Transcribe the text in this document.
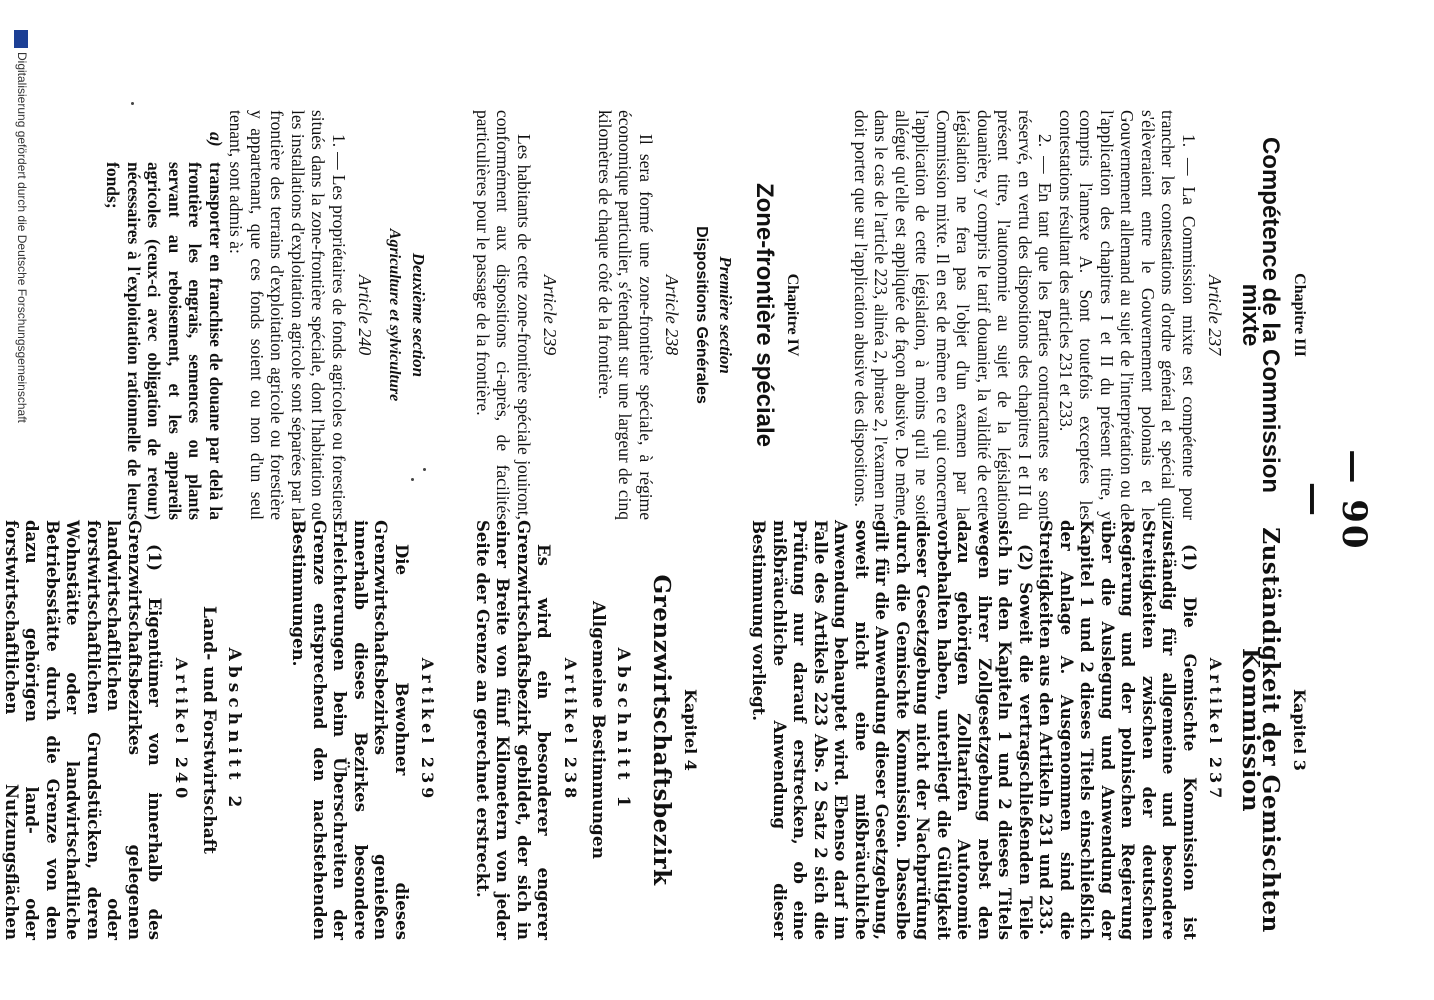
— 90 —
Chapitre III
Compétence de la Commission mixte
Article 237

1. — La Commission mixte est compétente pour trancher les contestations d'ordre général et spécial qui s'élèveraient entre le Gouvernement polonais et le Gouvernement allemand au sujet de l'interprétation ou de l'application des chapitres I et II du présent titre, y compris l'annexe A. Sont toutefois exceptées les contestations résultant des articles 231 et 233.

2. — En tant que les Parties contractantes se sont réservé, en vertu des dispositions des chapitres I et II du présent titre, l'autonomie au sujet de la législation douanière, y compris le tarif douanier, la validité de cette législation ne fera pas l'objet d'un examen par la Commission mixte. Il en est de même en ce qui concerne l'application de cette législation, à moins qu'il ne soit allégué qu'elle est appliquée de façon abusive. De même, dans le cas de l'article 223, alinéa 2, phrase 2, l'examen ne doit porter que sur l'application abusive des dispositions.

Chapitre IV
Zone-frontière spéciale
Première section
Dispositions Générales
Article 238

Il sera formé une zone-frontière spéciale, à régime économique particulier, s'étendant sur une largeur de cinq kilomètres de chaque côté de la frontière.

Article 239

Les habitants de cette zone-frontière spéciale jouiront, conformément aux dispositions ci-après, de facilités particulières pour le passage de la frontière.

Deuxième section
Agriculture et sylviculture
Article 240

1. — Les propriétaires de fonds agricoles ou forestiers situés dans la zone-frontière spéciale, dont l'habitation ou les installations d'exploitation agricole sont séparées par la frontière des terrains d'exploitation agricole ou forestière y appartenant, que ces fonds soient ou non d'un seul tenant, sont admis à:

a)
transporter en franchise de douane par delà la frontière les engrais, semences ou plants servant au reboisement, et les appareils agricoles (ceux-ci avec obligation de retour) nécessaires à l'exploitation rationnelle de leurs fonds;

Kapitel 3
Zuständigkeit der Gemischten Kommission
Artikel 237

(1) Die Gemischte Kommission ist zuständig für allgemeine und besondere Streitigkeiten zwischen der deutschen Regierung und der polnischen Regierung über die Auslegung und Anwendung der Kapitel 1 und 2 dieses Titels einschließlich der Anlage A. Ausgenommen sind die Streitigkeiten aus den Artikeln 231 und 233.

(2) Soweit die vertragschließenden Teile sich in den Kapiteln 1 und 2 dieses Titels wegen ihrer Zollgesetzgebung nebst den dazu gehörigen Zolltarifen Autonomie vorbehalten haben, unterliegt die Gültigkeit dieser Gesetzgebung nicht der Nachprüfung durch die Gemischte Kommission. Dasselbe gilt für die Anwendung dieser Gesetzgebung, soweit nicht eine mißbräuchliche Anwendung behauptet wird. Ebenso darf im Falle des Artikels 223 Abs. 2 Satz 2 sich die Prüfung nur darauf erstrecken, ob eine mißbräuchliche Anwendung dieser Bestimmung vorliegt.

Kapitel 4
Grenzwirtschaftsbezirk
Abschnitt 1
Allgemeine Bestimmungen
Artikel 238

Es wird ein besonderer engerer Grenzwirtschaftsbezirk gebildet, der sich in einer Breite von fünf Kilometern von jeder Seite der Grenze an gerechnet erstreckt.

Artikel 239

Die Bewohner dieses Grenzwirtschaftsbezirkes genießen innerhalb dieses Bezirkes besondere Erleichterungen beim Überschreiten der Grenze entsprechend den nachstehenden Bestimmungen.

Abschnitt 2
Land- und Forstwirtschaft
Artikel 240

(1) Eigentümer von innerhalb des Grenzwirtschaftsbezirkes gelegenen landwirtschaftlichen oder forstwirtschaftlichen Grundstücken, deren Wohnstätte oder landwirtschaftliche Betriebsstätte durch die Grenze von den dazu gehörigen land- oder forstwirtschaftlichen Nutzungsflächen

Digitalisierung gefördert durch die Deutsche Forschungsgemeinschaft
